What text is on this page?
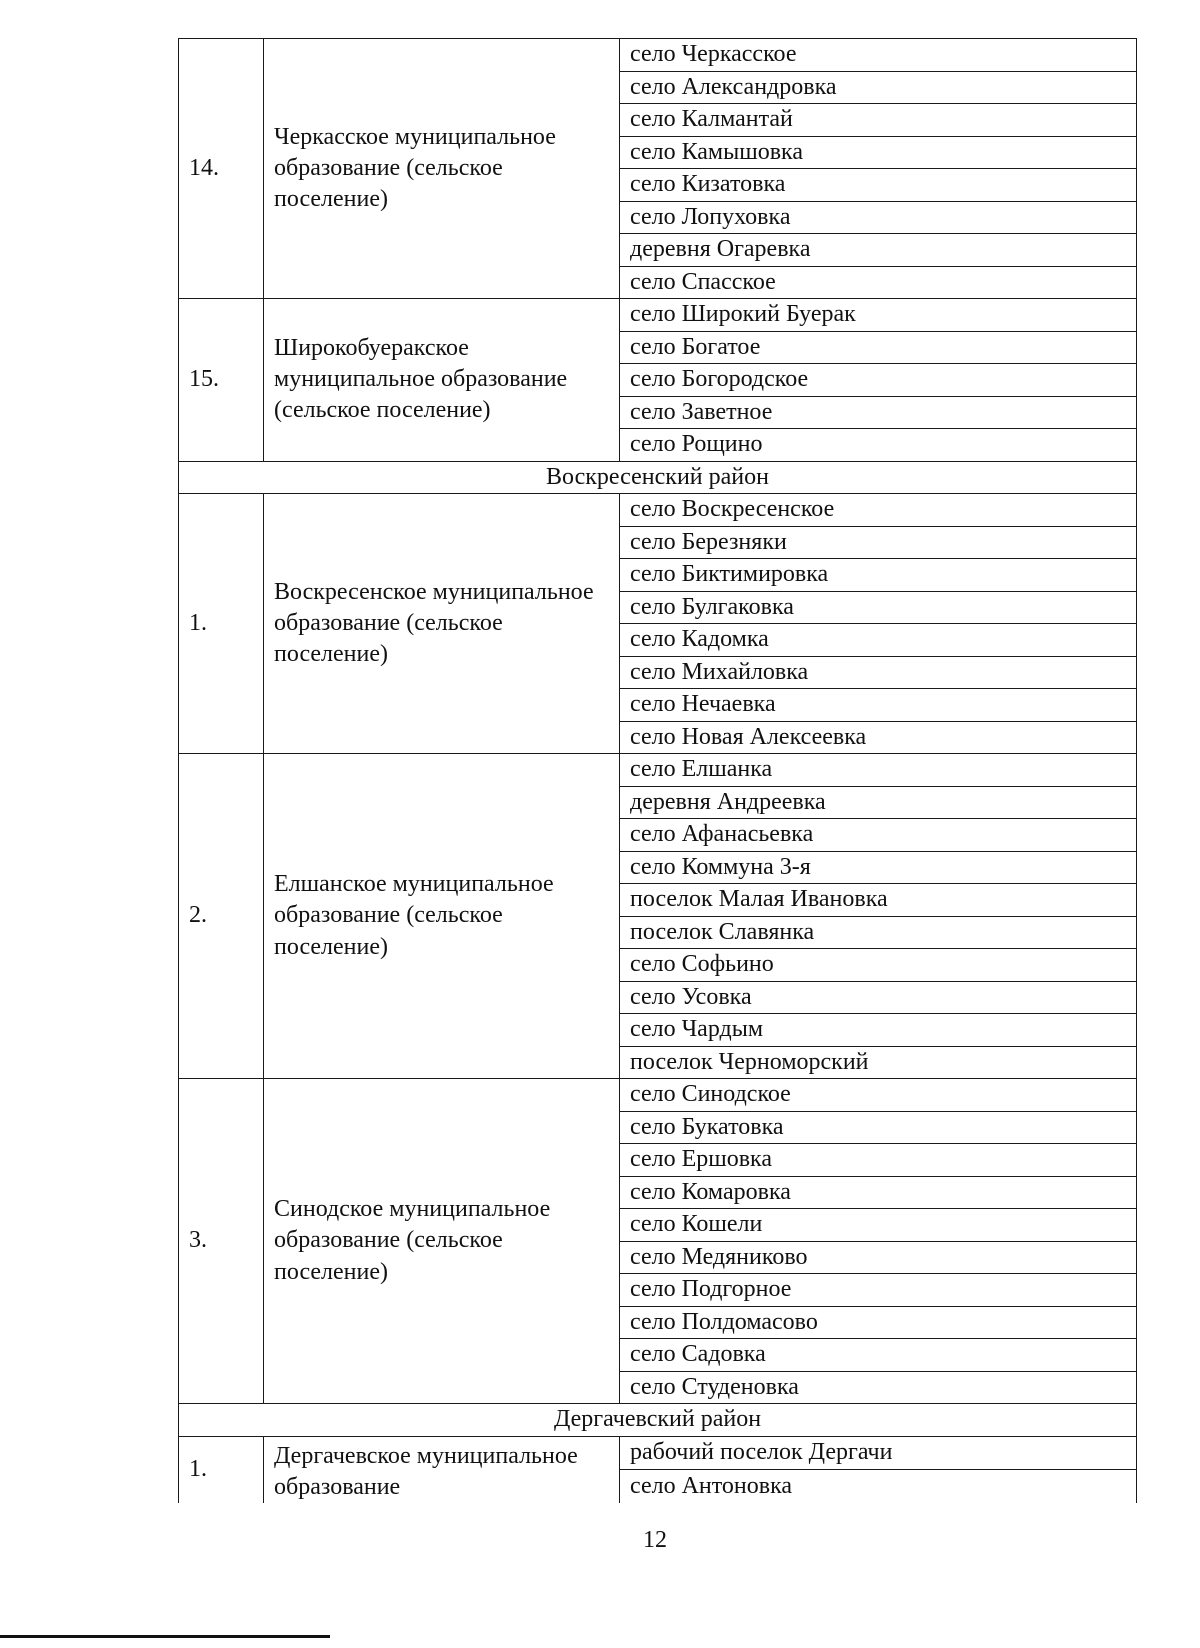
14.	Черкасское муниципальное образование (сельское поселение)	село Черкасское
		село Александровка
		село Калмантай
		село Камышовка
		село Кизатовка
		село Лопуховка
		деревня Огаревка
		село Спасское
15.	Широкобуеракское муниципальное образование (сельское поселение)	село Широкий Буерак
		село Богатое
		село Богородское
		село Заветное
		село Рощино
Воскресенский район		
1.	Воскресенское муниципальное образование (сельское поселение)	село Воскресенское
		село Березняки
		село Биктимировка
		село Булгаковка
		село Кадомка
		село Михайловка
		село Нечаевка
		село Новая Алексеевка
2.	Елшанское муниципальное образование (сельское поселение)	село Елшанка
		деревня Андреевка
		село Афанасьевка
		село Коммуна 3-я
		поселок Малая Ивановка
		поселок Славянка
		село Софьино
		село Усовка
		село Чардым
		поселок Черноморский
3.	Синодское муниципальное образование (сельское поселение)	село Синодское
		село Букатовка
		село Ершовка
		село Комаровка
		село Кошели
		село Медяниково
		село Подгорное
		село Полдомасово
		село Садовка
		село Студеновка
Дергачевский район		
1.	Дергачевское муниципальное образование	рабочий поселок Дергачи
		село Антоновка
12
